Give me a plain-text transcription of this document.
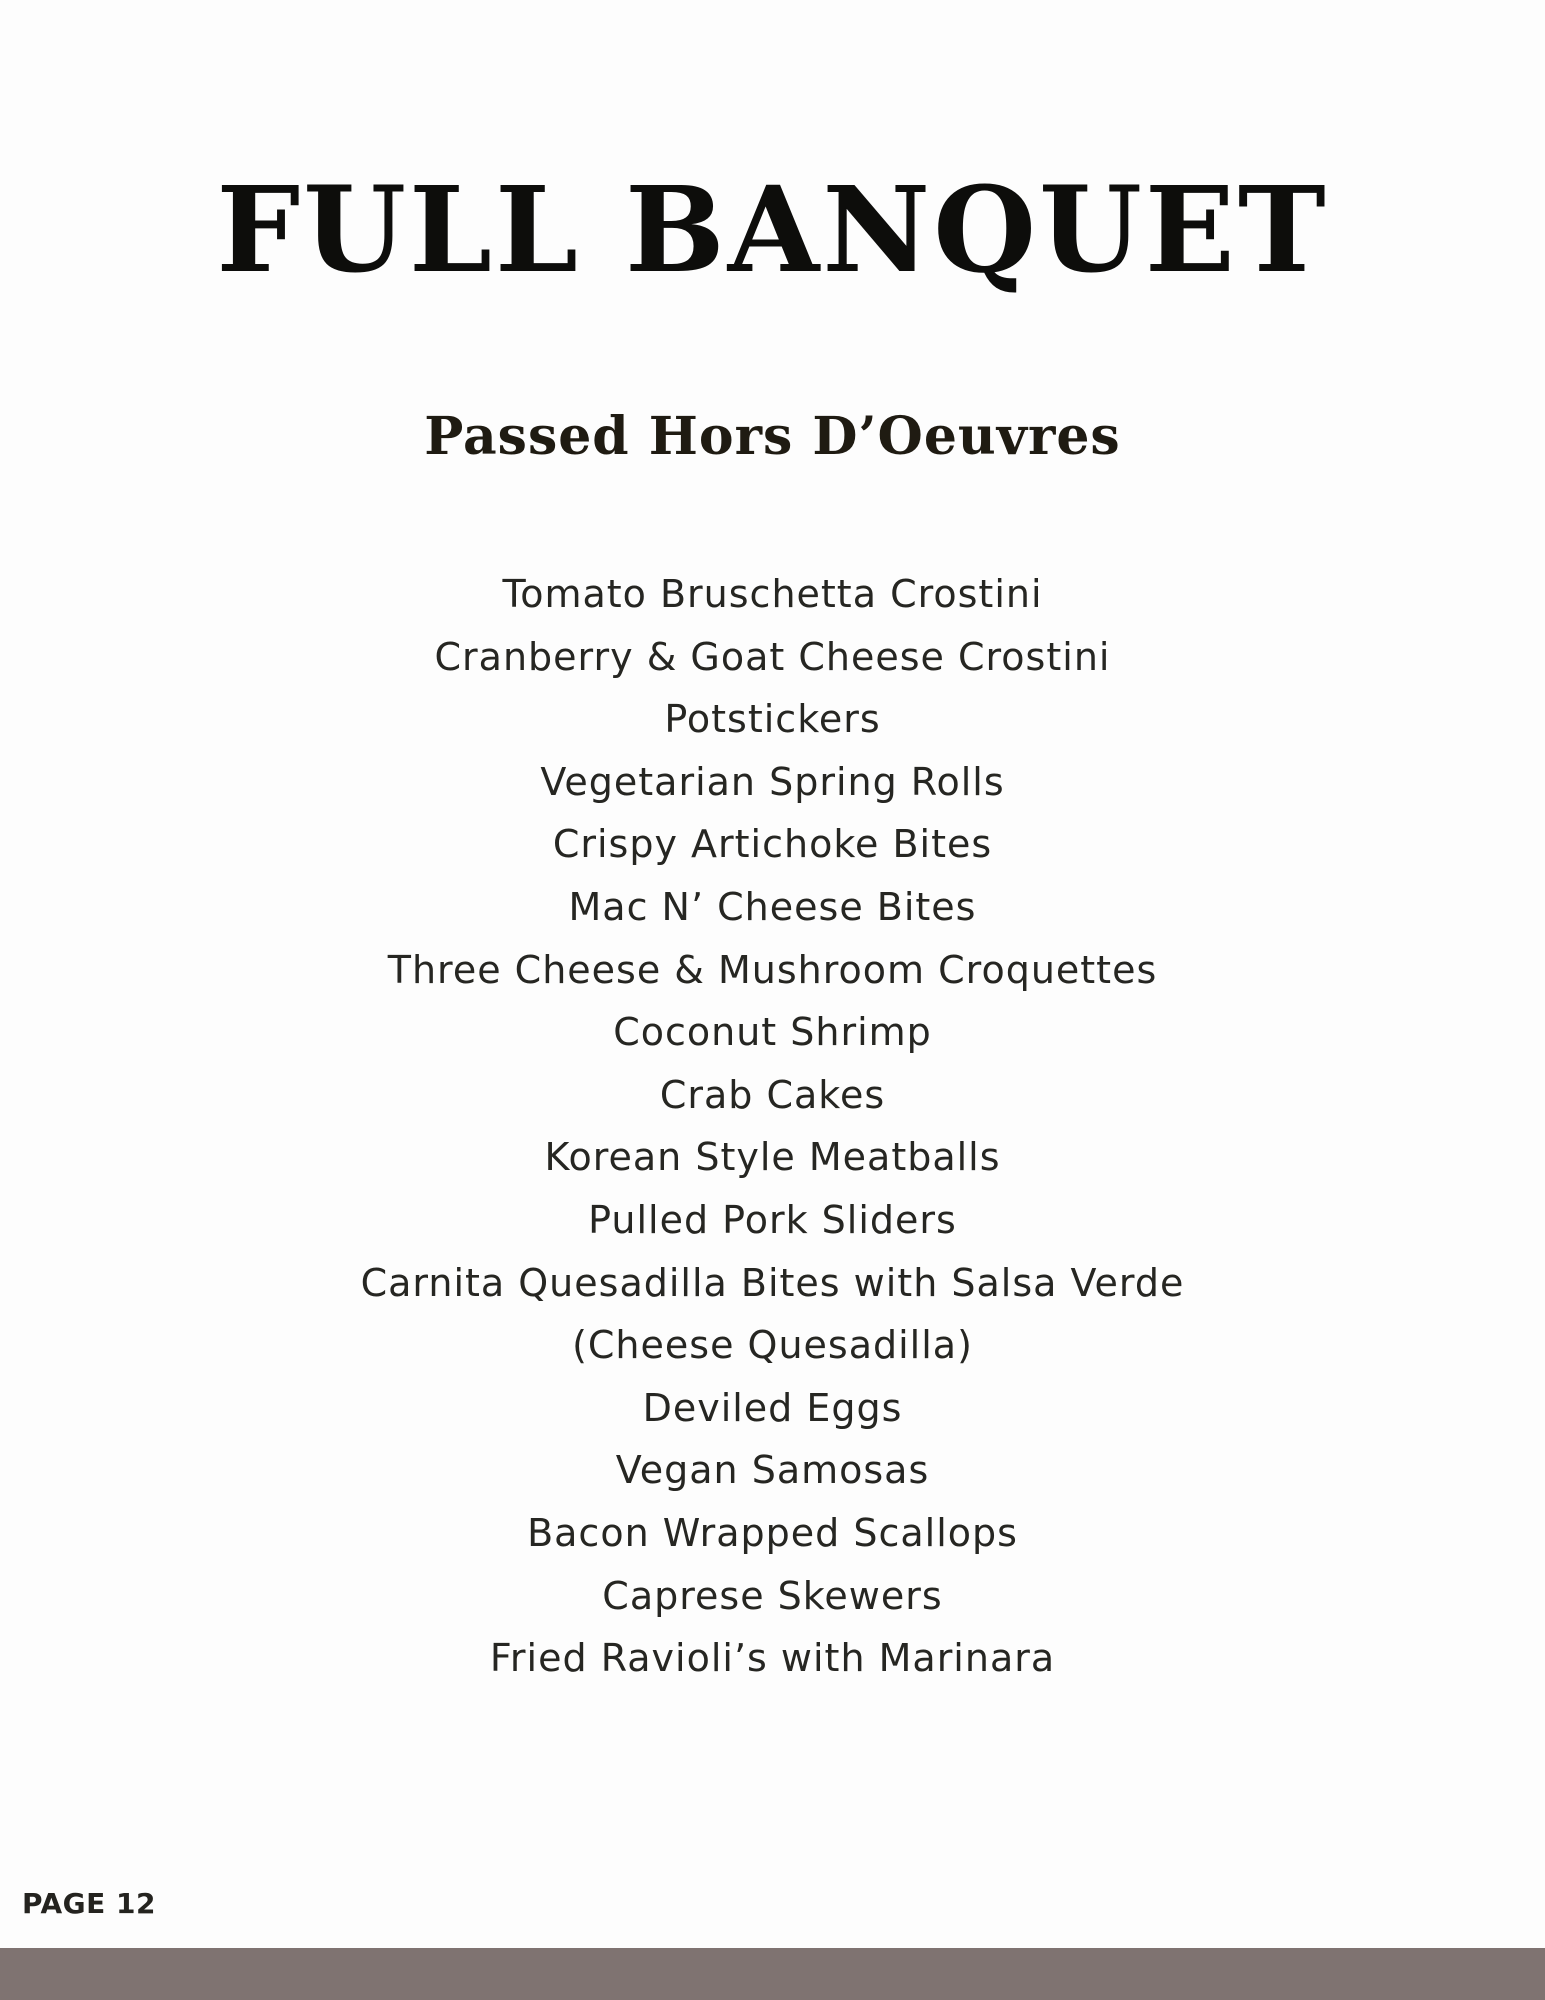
FULL BANQUET
Passed Hors D’Oeuvres
Tomato Bruschetta Crostini
Cranberry & Goat Cheese Crostini
Potstickers
Vegetarian Spring Rolls
Crispy Artichoke Bites
Mac N’ Cheese Bites
Three Cheese & Mushroom Croquettes
Coconut Shrimp
Crab Cakes
Korean Style Meatballs
Pulled Pork Sliders
Carnita Quesadilla Bites with Salsa Verde
(Cheese Quesadilla)
Deviled Eggs
Vegan Samosas
Bacon Wrapped Scallops
Caprese Skewers
Fried Ravioli’s with Marinara
PAGE 12
